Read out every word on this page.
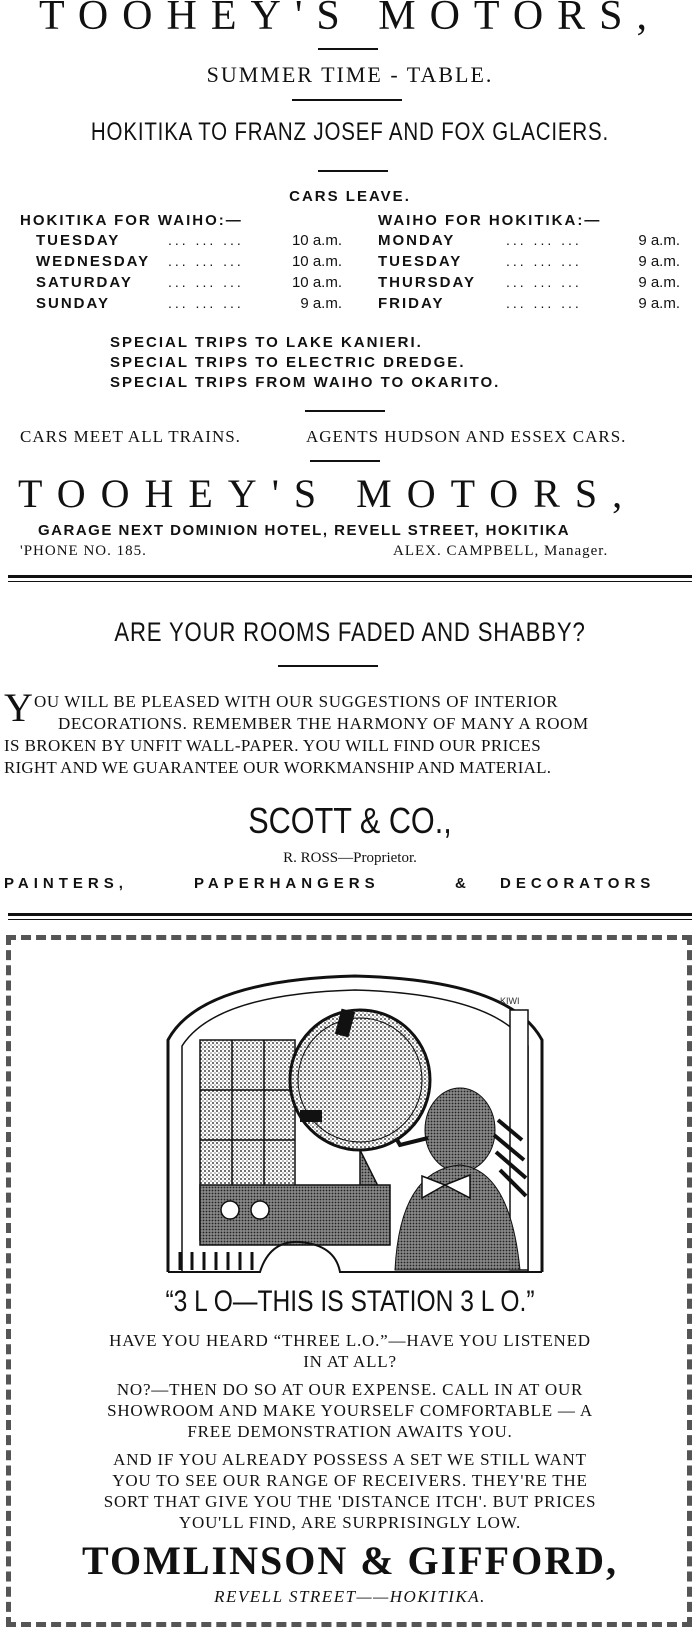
TOOHEY'S MOTORS,
SUMMER TIME - TABLE.
HOKITIKA TO FRANZ JOSEF AND FOX GLACIERS.
CARS LEAVE.
HOKITIKA FOR WAIHO:—	WAIHO FOR HOKITIKA:—
TUESDAY	... ... ...	10 a.m.
WEDNESDAY ... ... ...	10 a.m.
SATURDAY	... ... ...	10 a.m.
SUNDAY	... ... ...	9 a.m.
MONDAY	... ... ...	9 a.m.
TUESDAY	... ... ...	9 a.m.
THURSDAY ... ... ...	9 a.m.
FRIDAY	... ... ...	9 a.m.
SPECIAL TRIPS TO LAKE KANIERI.
SPECIAL TRIPS TO ELECTRIC DREDGE.
SPECIAL TRIPS FROM WAIHO TO OKARITO.
CARS MEET ALL TRAINS.	AGENTS HUDSON AND ESSEX CARS.
TOOHEY'S MOTORS,
GARAGE NEXT DOMINION HOTEL, REVELL STREET, HOKITIKA
'PHONE NO. 185.	ALEX. CAMPBELL, Manager.
ARE YOUR ROOMS FADED AND SHABBY?
Y OU WILL BE PLEASED WITH OUR SUGGESTIONS OF INTERIOR
DECORATIONS. REMEMBER THE HARMONY OF MANY A ROOM
IS BROKEN BY UNFIT WALL-PAPER. YOU WILL FIND OUR PRICES
RIGHT AND WE GUARANTEE OUR WORKMANSHIP AND MATERIAL.
SCOTT & CO.,
R. ROSS—Proprietor.
PAINTERS,	PAPERHANGERS	& DECORATORS
KIWI
“3 L O—THIS IS STATION 3 L O.”
HAVE YOU HEARD “THREE L.O.”—HAVE YOU LISTENED
IN AT ALL?
NO?—THEN DO SO AT OUR EXPENSE. CALL IN AT OUR
SHOWROOM AND MAKE YOURSELF COMFORTABLE — A
FREE DEMONSTRATION AWAITS YOU.
AND IF YOU ALREADY POSSESS A SET WE STILL WANT
YOU TO SEE OUR RANGE OF RECEIVERS. THEY'RE THE
SORT THAT GIVE YOU THE 'DISTANCE ITCH'. BUT PRICES
YOU'LL FIND, ARE SURPRISINGLY LOW.
TOMLINSON & GIFFORD,
REVELL STREET——HOKITIKA.
